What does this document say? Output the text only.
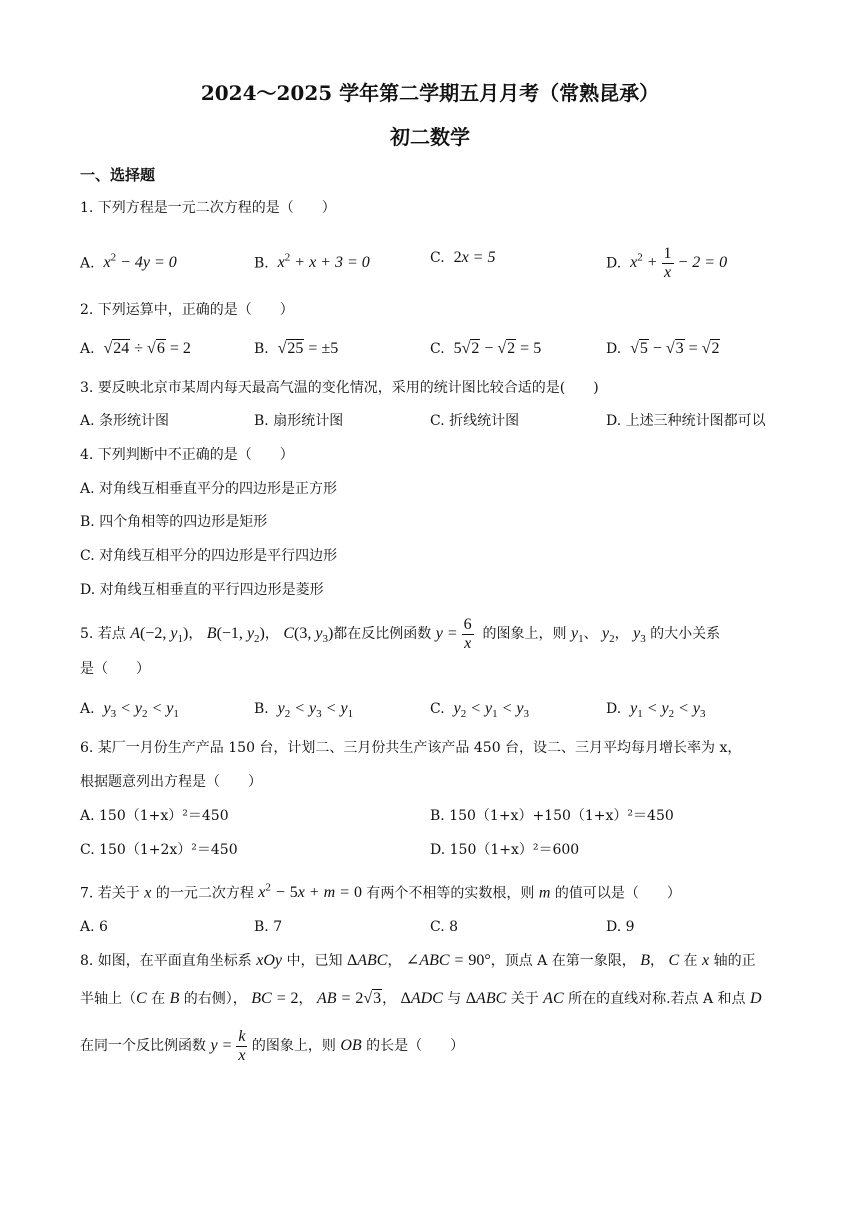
2024～2025 学年第二学期五月月考（常熟昆承）
初二数学
一、选择题
1. 下列方程是一元二次方程的是（　　）
A. $x^2 - 4y = 0$	B. $x^2 + x + 3 = 0$	C. 2x = 5	D. $x^2 + \frac{1}{x} - 2 = 0$
2. 下列运算中，正确的是（　　）
A.  √24 ÷ √6 = 2	B.  √25 = ±5	C.  5√2 − √2 = 5	D.  √5 − √3 = √2
3. 要反映北京市某周内每天最高气温的变化情况，采用的统计图比较合适的是(　　)
A. 条形统计图	B. 扇形统计图	C. 折线统计图	D. 上述三种统计图都可以
4. 下列判断中不正确的是（　　）
A. 对角线互相垂直平分的四边形是正方形
B. 四个角相等的四边形是矩形
C. 对角线互相平分的四边形是平行四边形
D. 对角线互相垂直的平行四边形是菱形
5. 若点 A(−2, $y_1$)， B(−1, $y_2$)， C(3, $y_3$)都在反比例函数 $y = \frac{6}{x}$ 的图象上，则 $y_1$、 $y_2$， $y_3$ 的大小关系
是（　　）
A.  $y_3 < y_2 < y_1$	B.  $y_2 < y_3 < y_1$	C.  $y_2 < y_1 < y_3$	D.  $y_1 < y_2 < y_3$
6. 某厂一月份生产产品 150 台，计划二、三月份共生产该产品 450 台，设二、三月平均每月增长率为 x，
根据题意列出方程是（　　）
A. 150（1+x）²＝450	B. 150（1+x）+150（1+x）²＝450
C. 150（1+2x）²＝450	D. 150（1+x）²＝600
7. 若关于 x 的一元二次方程 $x^2 - 5x + m = 0$ 有两个不相等的实数根，则 m 的值可以是（　　）
A. 6	B. 7	C. 8	D. 9
8. 如图，在平面直角坐标系 xOy 中，已知 ΔABC， ∠ABC = 90°，顶点 A 在第一象限， B， C 在 x 轴的正
半轴上（C 在 B 的右侧）， BC = 2， AB = 2√3， ΔADC 与 ΔABC 关于 AC 所在的直线对称.若点 A 和点 D
在同一个反比例函数 $y = \frac{k}{x}$ 的图象上，则 OB 的长是（　　）
